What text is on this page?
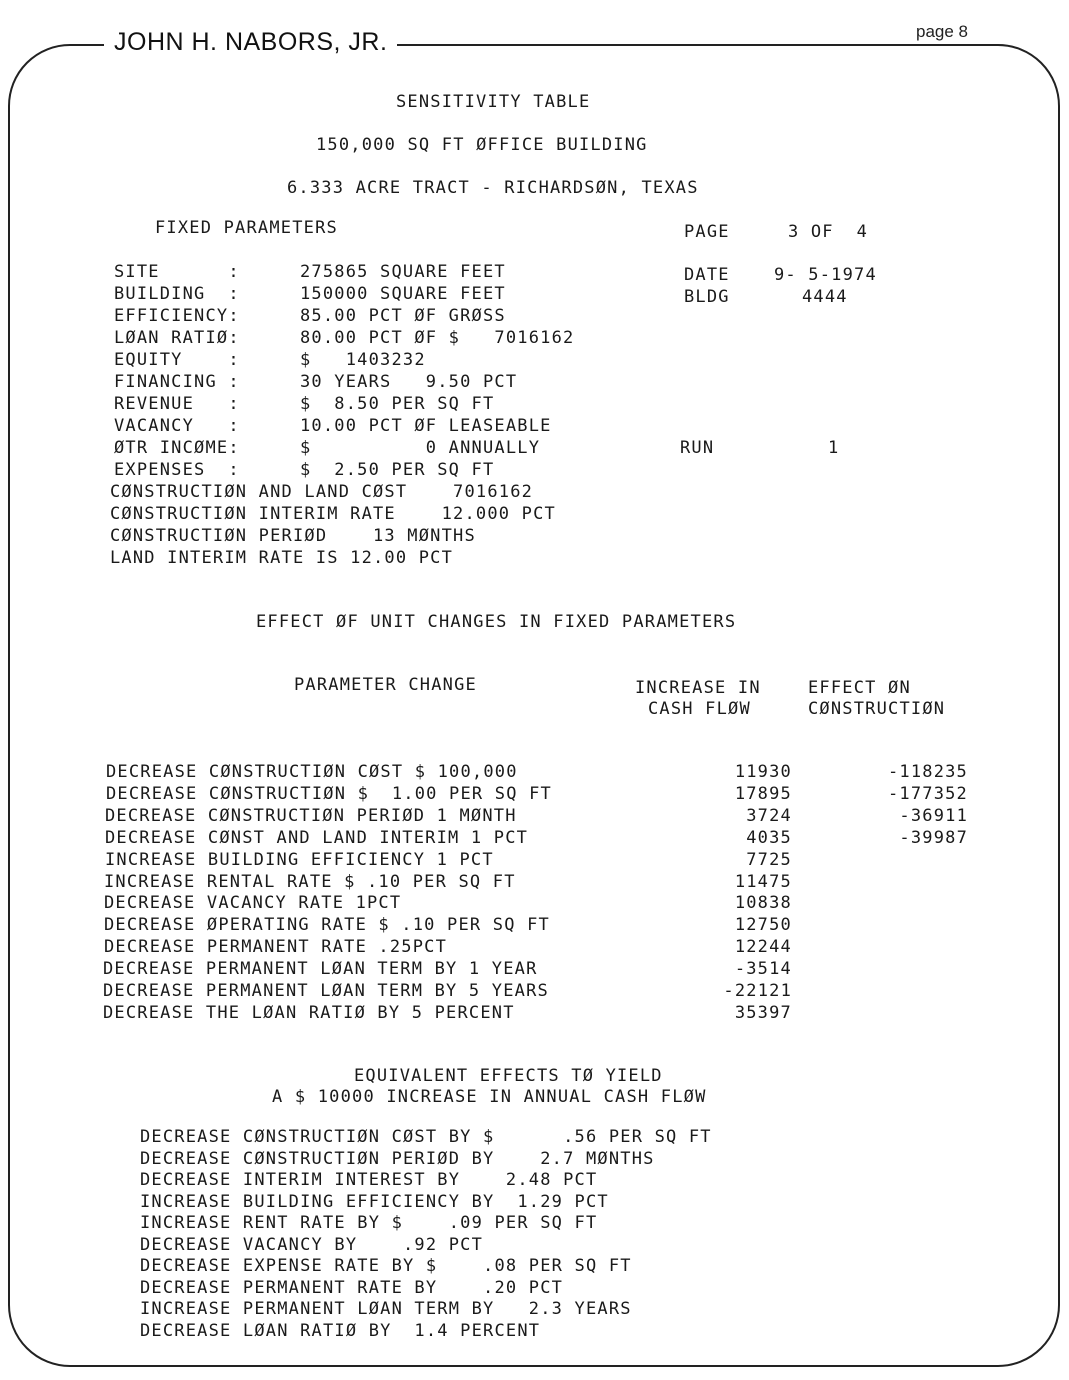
JOHN H. NABORS, JR.	page 8
SENSITIVITY TABLE
150,000 SQ FT ØFFICE BUILDING
6.333 ACRE TRACT - RICHARDSØN, TEXAS
FIXED PARAMETERS	PAGE	3 OF  4
SITE      :	275865 SQUARE FEET
BUILDING  :	150000 SQUARE FEET
EFFICIENCY:	85.00 PCT ØF GRØSS
LØAN RATIØ:	80.00 PCT ØF $   7016162
EQUITY    :	$   1403232
FINANCING :	30 YEARS   9.50 PCT
REVENUE   :	$  8.50 PER SQ FT
VACANCY   :	10.00 PCT ØF LEASEABLE
ØTR INCØME:	$          0 ANNUALLY
EXPENSES  :	$  2.50 PER SQ FT
CØNSTRUCTIØN AND LAND CØST    7016162
CØNSTRUCTIØN INTERIM RATE    12.000 PCT
CØNSTRUCTIØN PERIØD    13 MØNTHS
LAND INTERIM RATE IS 12.00 PCT
DATE	9- 5-1974
BLDG	4444
RUN	1
EFFECT ØF UNIT CHANGES IN FIXED PARAMETERS
PARAMETER CHANGE	INCREASE IN
CASH FLØW
EFFECT ØN
CØNSTRUCTIØN
DECREASE CØNSTRUCTIØN CØST $ 100,000	11930	-118235
DECREASE CØNSTRUCTIØN $  1.00 PER SQ FT	17895	-177352
DECREASE CØNSTRUCTIØN PERIØD 1 MØNTH	3724	-36911
DECREASE CØNST AND LAND INTERIM 1 PCT	4035	-39987
INCREASE BUILDING EFFICIENCY 1 PCT	7725
INCREASE RENTAL RATE $ .10 PER SQ FT	11475
DECREASE VACANCY RATE 1PCT	10838
DECREASE ØPERATING RATE $ .10 PER SQ FT	12750
DECREASE PERMANENT RATE .25PCT	12244
DECREASE PERMANENT LØAN TERM BY 1 YEAR	-3514
DECREASE PERMANENT LØAN TERM BY 5 YEARS	-22121
DECREASE THE LØAN RATIØ BY 5 PERCENT	35397
EQUIVALENT EFFECTS TØ YIELD
A $ 10000 INCREASE IN ANNUAL CASH FLØW
DECREASE CØNSTRUCTIØN CØST BY $      .56 PER SQ FT
DECREASE CØNSTRUCTIØN PERIØD BY    2.7 MØNTHS
DECREASE INTERIM INTEREST BY    2.48 PCT
INCREASE BUILDING EFFICIENCY BY  1.29 PCT
INCREASE RENT RATE BY $    .09 PER SQ FT
DECREASE VACANCY BY    .92 PCT
DECREASE EXPENSE RATE BY $    .08 PER SQ FT
DECREASE PERMANENT RATE BY    .20 PCT
INCREASE PERMANENT LØAN TERM BY   2.3 YEARS
DECREASE LØAN RATIØ BY  1.4 PERCENT
